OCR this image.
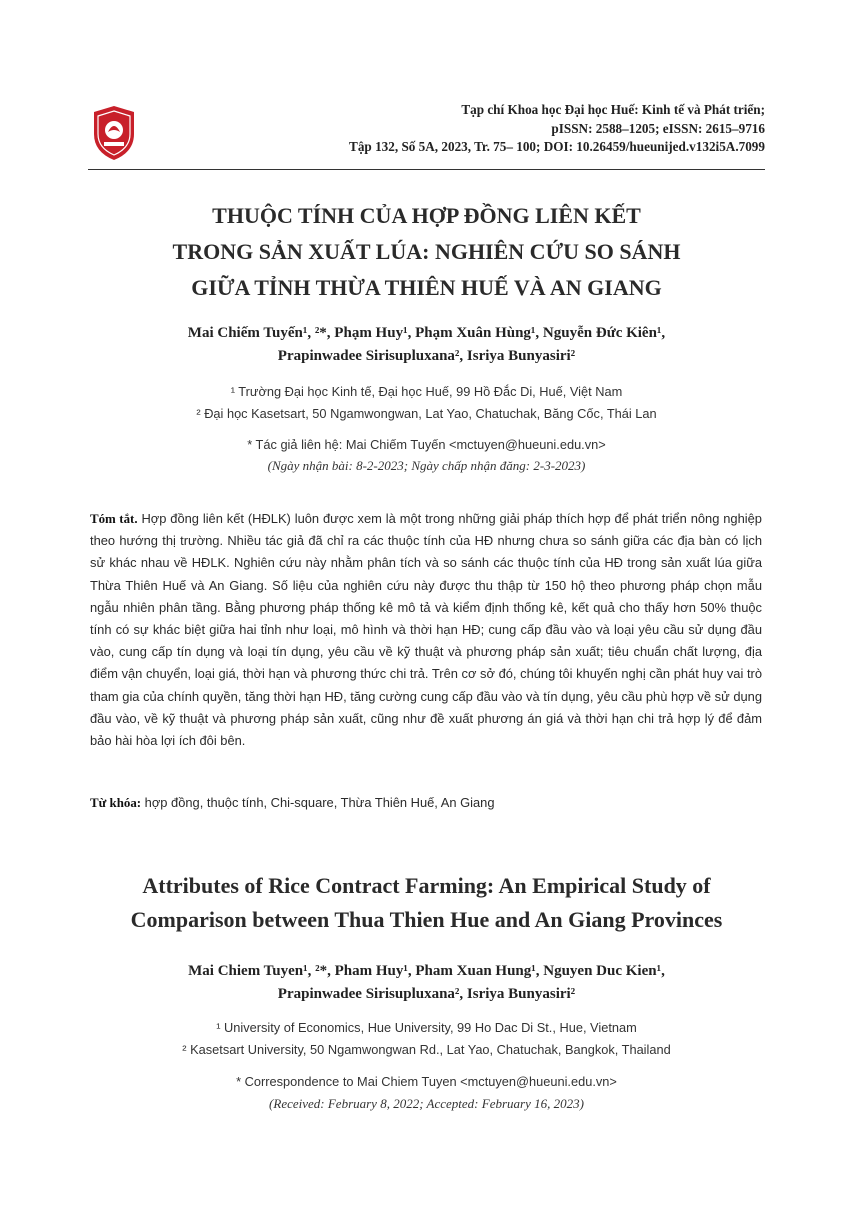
Tạp chí Khoa học Đại học Huế: Kinh tế và Phát triển;
pISSN: 2588–1205; eISSN: 2615–9716
Tập 132, Số 5A, 2023, Tr. 75– 100; DOI: 10.26459/hueunijed.v132i5A.7099
THUỘC TÍNH CỦA HỢP ĐỒNG LIÊN KẾT
TRONG SẢN XUẤT LÚA: NGHIÊN CỨU SO SÁNH
GIỮA TỈNH THỪA THIÊN HUẾ VÀ AN GIANG
Mai Chiếm Tuyến¹, ²*, Phạm Huy¹, Phạm Xuân Hùng¹, Nguyễn Đức Kiên¹,
Prapinwadee Sirisupluxana², Isriya Bunyasiri²
¹ Trường Đại học Kinh tế, Đại học Huế, 99 Hồ Đắc Di, Huế, Việt Nam
² Đại học Kasetsart, 50 Ngamwongwan, Lat Yao, Chatuchak, Băng Cốc, Thái Lan
* Tác giả liên hệ: Mai Chiếm Tuyến <mctuyen@hueuni.edu.vn>
(Ngày nhận bài: 8-2-2023; Ngày chấp nhận đăng: 2-3-2023)
Tóm tắt. Hợp đồng liên kết (HĐLK) luôn được xem là một trong những giải pháp thích hợp để phát triển nông nghiệp theo hướng thị trường. Nhiều tác giả đã chỉ ra các thuộc tính của HĐ nhưng chưa so sánh giữa các địa bàn có lịch sử khác nhau về HĐLK. Nghiên cứu này nhằm phân tích và so sánh các thuộc tính của HĐ trong sản xuất lúa giữa Thừa Thiên Huế và An Giang. Số liệu của nghiên cứu này được thu thập từ 150 hộ theo phương pháp chọn mẫu ngẫu nhiên phân tầng. Bằng phương pháp thống kê mô tả và kiểm định thống kê, kết quả cho thấy hơn 50% thuộc tính có sự khác biệt giữa hai tỉnh như loại, mô hình và thời hạn HĐ; cung cấp đầu vào và loại yêu cầu sử dụng đầu vào, cung cấp tín dụng và loại tín dụng, yêu cầu về kỹ thuật và phương pháp sản xuất; tiêu chuẩn chất lượng, địa điểm vận chuyển, loại giá, thời hạn và phương thức chi trả. Trên cơ sở đó, chúng tôi khuyến nghị cần phát huy vai trò tham gia của chính quyền, tăng thời hạn HĐ, tăng cường cung cấp đầu vào và tín dụng, yêu cầu phù hợp về sử dụng đầu vào, về kỹ thuật và phương pháp sản xuất, cũng như đề xuất phương án giá và thời hạn chi trả hợp lý để đảm bảo hài hòa lợi ích đôi bên.
Từ khóa: hợp đồng, thuộc tính, Chi-square, Thừa Thiên Huế, An Giang
Attributes of Rice Contract Farming: An Empirical Study of
Comparison between Thua Thien Hue and An Giang Provinces
Mai Chiem Tuyen¹, ²*, Pham Huy¹, Pham Xuan Hung¹, Nguyen Duc Kien¹,
Prapinwadee Sirisupluxana², Isriya Bunyasiri²
¹ University of Economics, Hue University, 99 Ho Dac Di St., Hue, Vietnam
² Kasetsart University, 50 Ngamwongwan Rd., Lat Yao, Chatuchak, Bangkok, Thailand
* Correspondence to Mai Chiem Tuyen <mctuyen@hueuni.edu.vn>
(Received: February 8, 2022; Accepted: February 16, 2023)
